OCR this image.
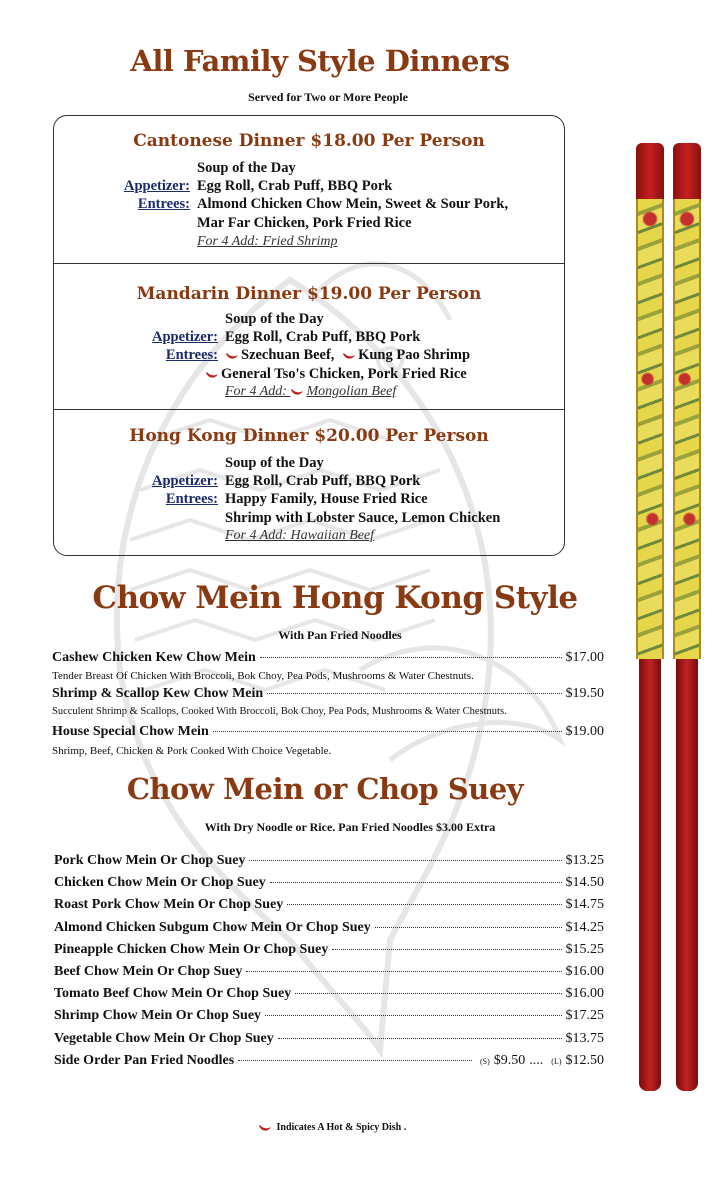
All Family Style Dinners
Served for Two or More People
Cantonese Dinner $18.00 Per Person
Soup of the Day
Appetizer: Egg Roll, Crab Puff, BBQ Pork
Entrees: Almond Chicken Chow Mein, Sweet & Sour Pork,
Mar Far Chicken, Pork Fried Rice
For 4 Add: Fried Shrimp
Mandarin Dinner $19.00 Per Person
Soup of the Day
Appetizer: Egg Roll, Crab Puff, BBQ Pork
Entrees:	Szechuan Beef, Kung Pao Shrimp
General Tso's Chicken, Pork Fried Rice
For 4 Add: Mongolian Beef
Hong Kong Dinner $20.00 Per Person
Soup of the Day
Appetizer: Egg Roll, Crab Puff, BBQ Pork
Entrees: Happy Family, House Fried Rice
Shrimp with Lobster Sauce, Lemon Chicken
For 4 Add: Hawaiian Beef
Chow Mein Hong Kong Style
With Pan Fried Noodles
Cashew Chicken Kew Chow Mein	$17.00
Tender Breast Of Chicken With Broccoli, Bok Choy, Pea Pods, Mushrooms & Water Chestnuts.
Shrimp & Scallop Kew Chow Mein	$19.50
Succulent Shrimp & Scallops, Cooked With Broccoli, Bok Choy, Pea Pods, Mushrooms & Water Chestnuts.
House Special Chow Mein	$19.00
Shrimp, Beef, Chicken & Pork Cooked With Choice Vegetable.
Chow Mein or Chop Suey
With Dry Noodle or Rice. Pan Fried Noodles $3.00 Extra
Pork Chow Mein Or Chop Suey	$13.25
Chicken Chow Mein Or Chop Suey	$14.50
Roast Pork Chow Mein Or Chop Suey	$14.75
Almond Chicken Subgum Chow Mein Or Chop Suey	$14.25
Pineapple Chicken Chow Mein Or Chop Suey	$15.25
Beef Chow Mein Or Chop Suey	$16.00
Tomato Beef Chow Mein Or Chop Suey	$16.00
Shrimp Chow Mein Or Chop Suey	$17.25
Vegetable Chow Mein Or Chop Suey	$13.75
Side Order Pan Fried Noodles	(S) $9.50 .... (L) $12.50
Indicates A Hot & Spicy Dish .
